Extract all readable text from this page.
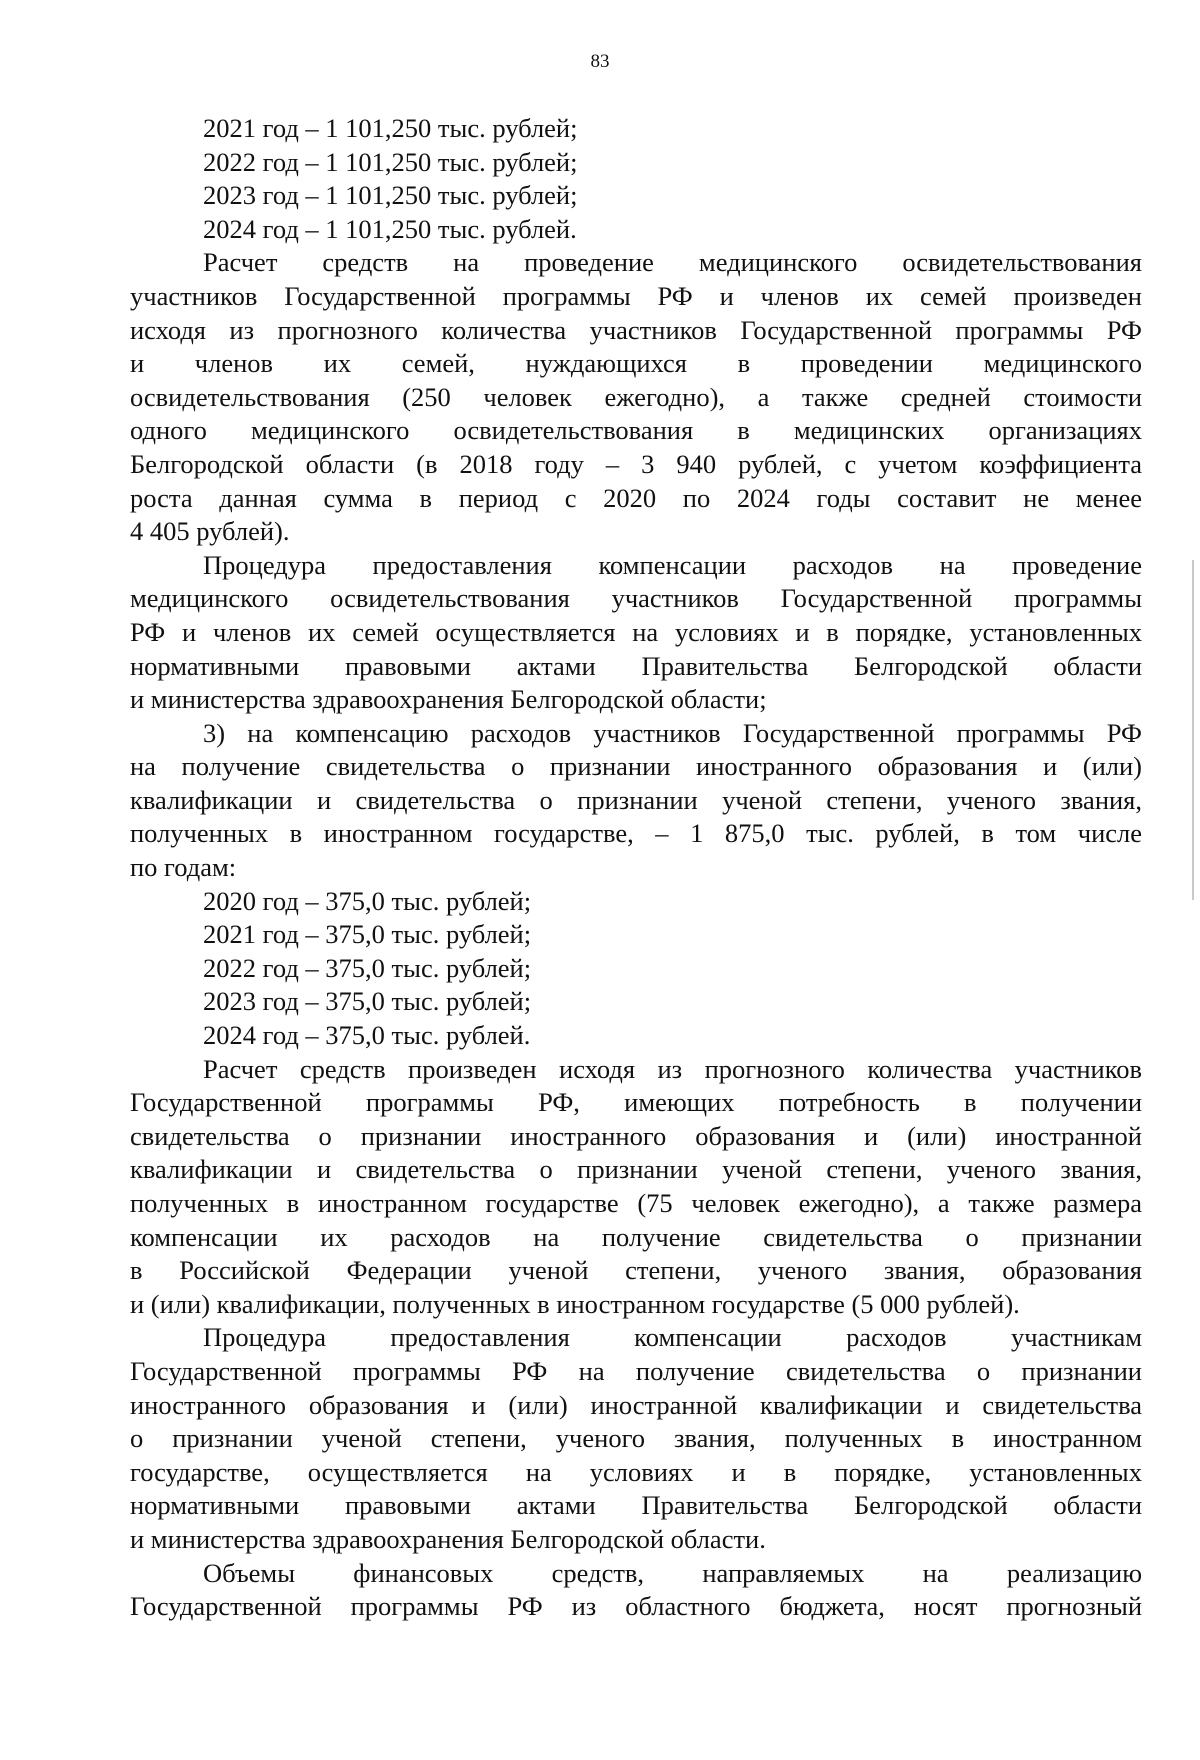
83
2021 год – 1 101,250 тыс. рублей;
2022 год – 1 101,250 тыс. рублей;
2023 год – 1 101,250 тыс. рублей;
2024 год – 1 101,250 тыс. рублей.
Расчет средств на проведение медицинского освидетельствования
участников Государственной программы РФ и членов их семей произведен
исходя из прогнозного количества участников Государственной программы РФ
и членов их семей, нуждающихся в проведении медицинского
освидетельствования (250 человек ежегодно), а также средней стоимости
одного медицинского освидетельствования в медицинских организациях
Белгородской области (в 2018 году – 3 940 рублей, с учетом коэффициента
роста данная сумма в период с 2020 по 2024 годы составит не менее
4 405 рублей).
Процедура предоставления компенсации расходов на проведение
медицинского освидетельствования участников Государственной программы
РФ и членов их семей осуществляется на условиях и в порядке, установленных
нормативными правовыми актами Правительства Белгородской области
и министерства здравоохранения Белгородской области;
3) на компенсацию расходов участников Государственной программы РФ
на получение свидетельства о признании иностранного образования и (или)
квалификации и свидетельства о признании ученой степени, ученого звания,
полученных в иностранном государстве, – 1 875,0 тыс. рублей, в том числе
по годам:
2020 год – 375,0 тыс. рублей;
2021 год – 375,0 тыс. рублей;
2022 год – 375,0 тыс. рублей;
2023 год – 375,0 тыс. рублей;
2024 год – 375,0 тыс. рублей.
Расчет средств произведен исходя из прогнозного количества участников
Государственной программы РФ, имеющих потребность в получении
свидетельства о признании иностранного образования и (или) иностранной
квалификации и свидетельства о признании ученой степени, ученого звания,
полученных в иностранном государстве (75 человек ежегодно), а также размера
компенсации их расходов на получение свидетельства о признании
в Российской Федерации ученой степени, ученого звания, образования
и (или) квалификации, полученных в иностранном государстве (5 000 рублей).
Процедура предоставления компенсации расходов участникам
Государственной программы РФ на получение свидетельства о признании
иностранного образования и (или) иностранной квалификации и свидетельства
о признании ученой степени, ученого звания, полученных в иностранном
государстве, осуществляется на условиях и в порядке, установленных
нормативными правовыми актами Правительства Белгородской области
и министерства здравоохранения Белгородской области.
Объемы финансовых средств, направляемых на реализацию
Государственной программы РФ из областного бюджета, носят прогнозный
